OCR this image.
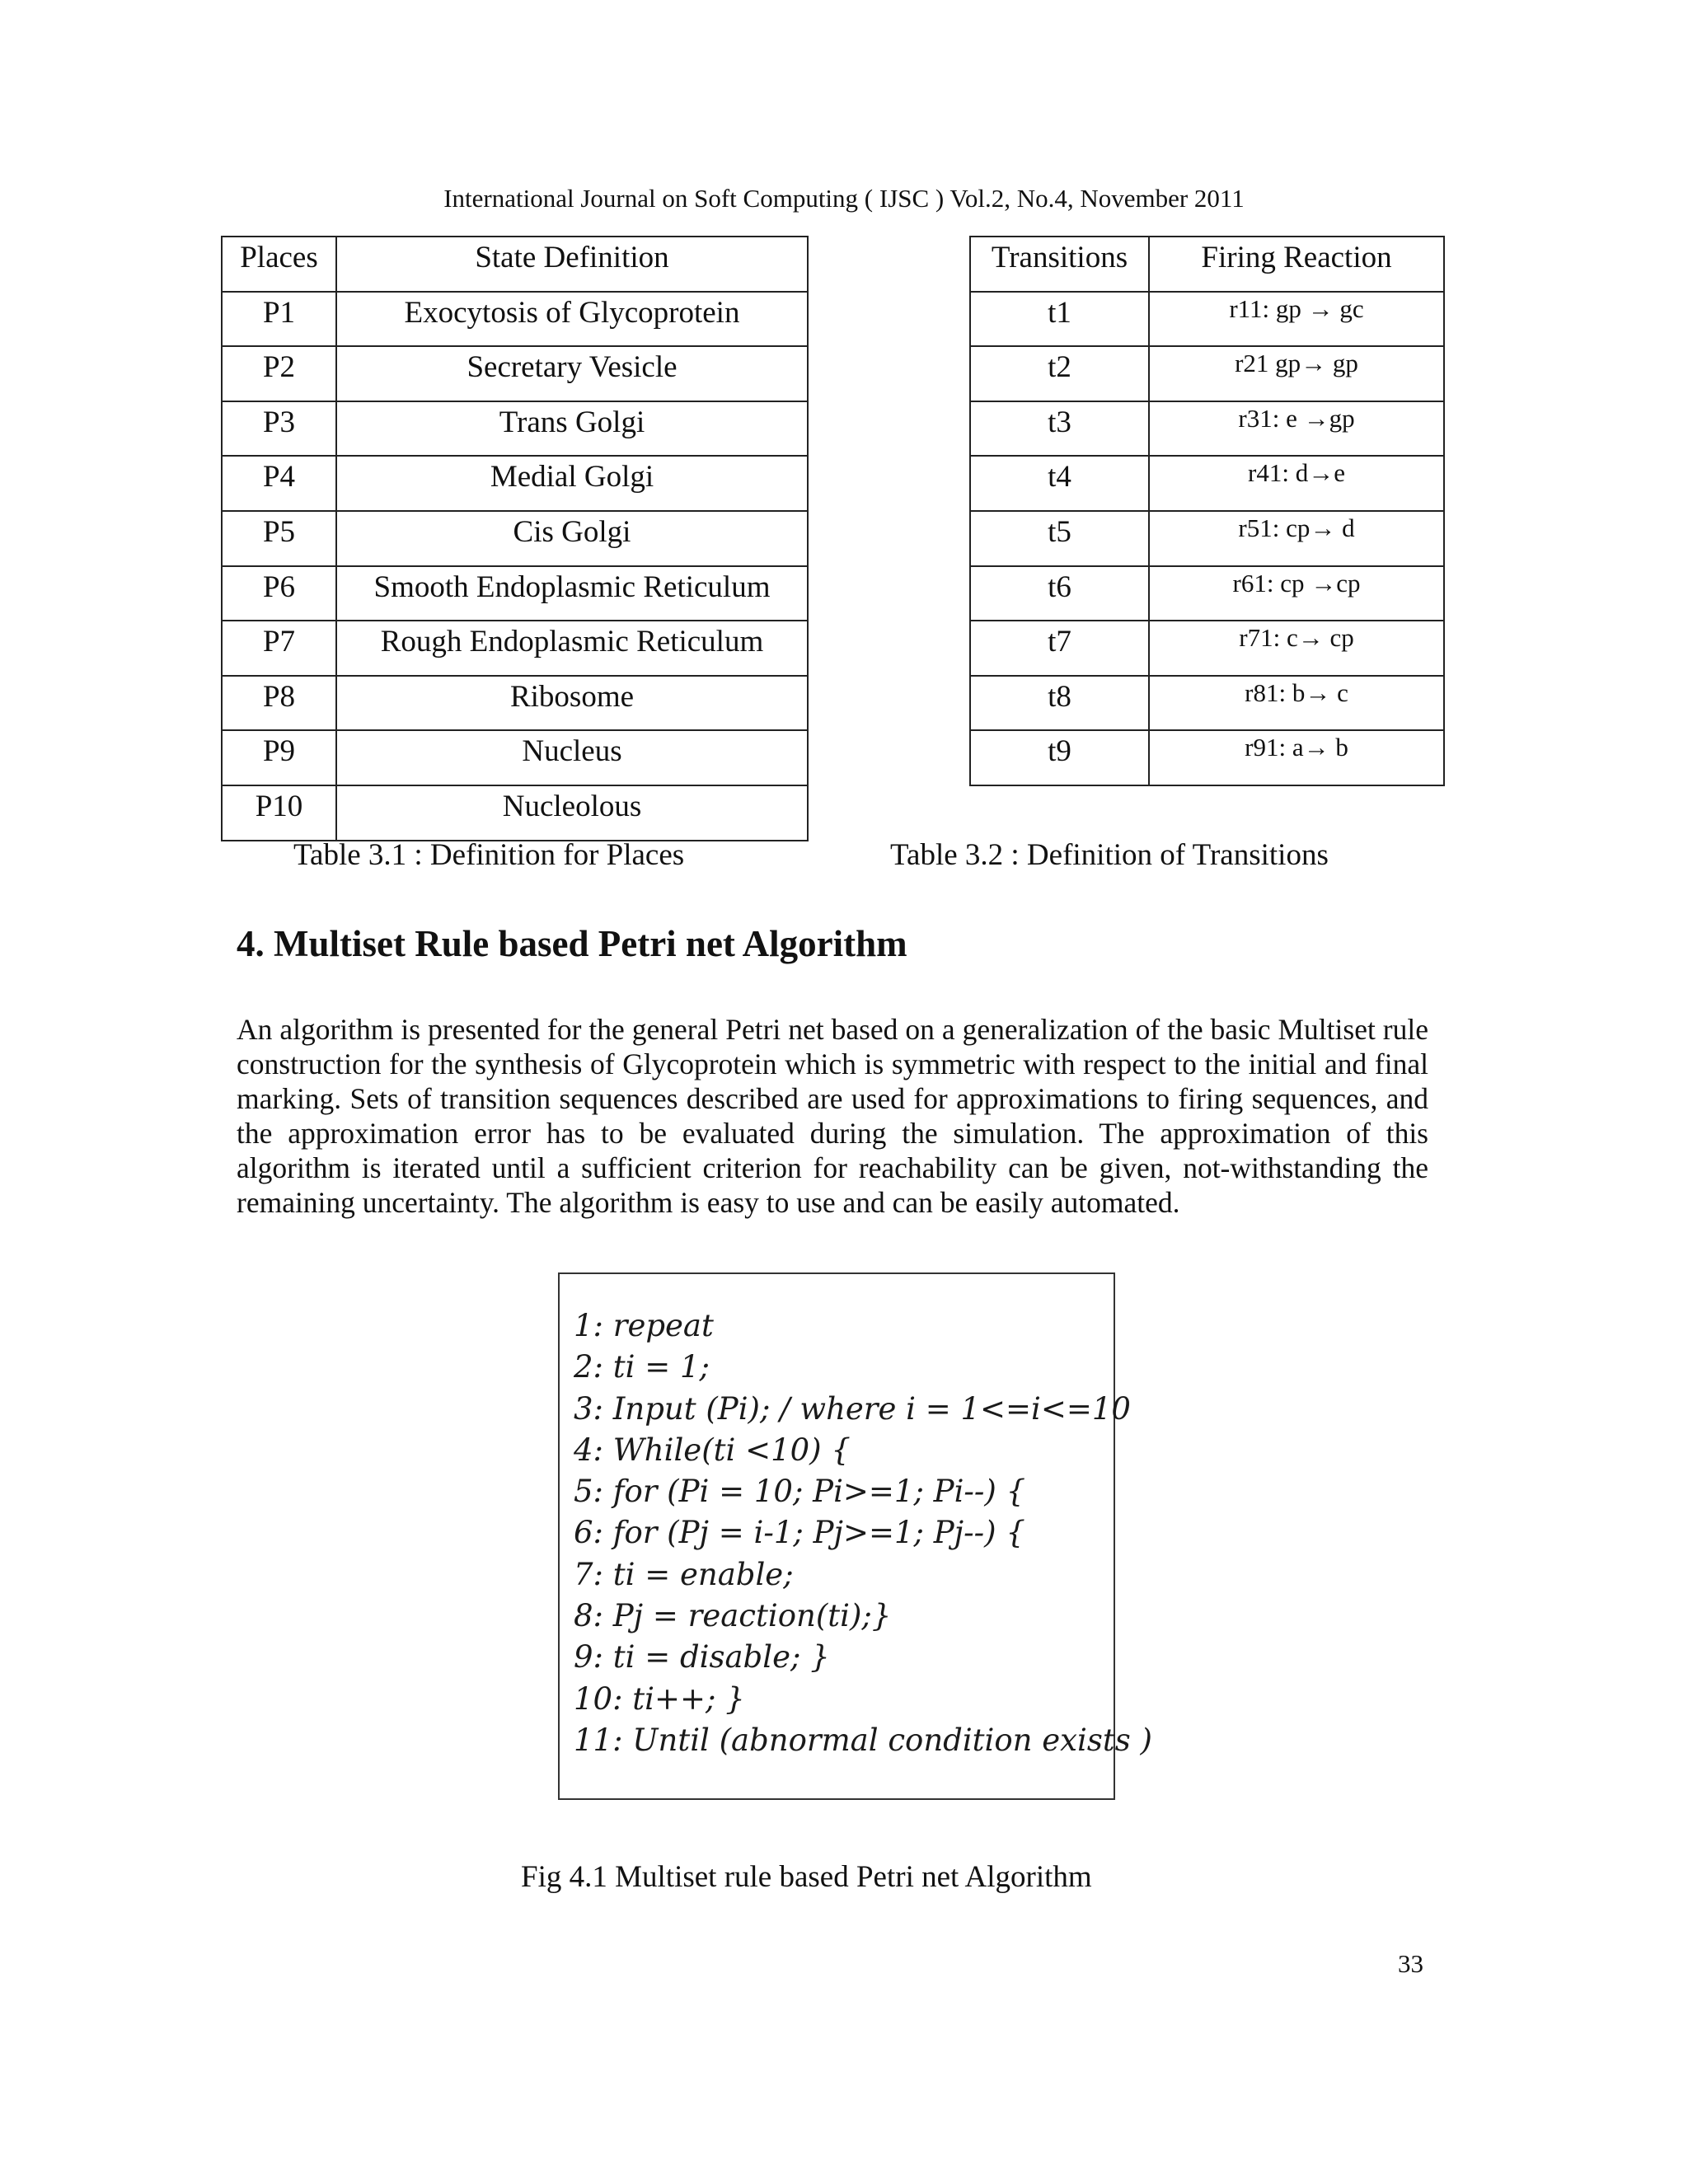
International Journal on Soft Computing ( IJSC ) Vol.2, No.4, November 2011
Places	State Definition
P1	Exocytosis of Glycoprotein
P2	Secretary Vesicle
P3	Trans Golgi
P4	Medial Golgi
P5	Cis Golgi
P6	Smooth Endoplasmic Reticulum
P7	Rough Endoplasmic Reticulum
P8	Ribosome
P9	Nucleus
P10	Nucleolous
Transitions	Firing Reaction
t1	r11: gp → gc
t2	r21 gp→ gp
t3	r31: e →gp
t4	r41: d→e
t5	r51: cp→ d
t6	r61: cp →cp
t7	r71: c→ cp
t8	r81: b→ c
t9	r91: a→ b
Table 3.1 : Definition for Places	Table 3.2 : Definition of Transitions
4. Multiset Rule based Petri net Algorithm
An algorithm is presented for the general Petri net based on a generalization of the basic Multiset rule construction for the synthesis of Glycoprotein which is symmetric with respect to the initial and final marking. Sets of transition sequences described are used for approximations to firing sequences, and the approximation error has to be evaluated during the simulation. The approximation of this algorithm is iterated until a sufficient criterion for reachability can be given, not-withstanding the remaining uncertainty. The algorithm is easy to use and can be easily automated.
1: repeat
2: ti = 1;
3: Input (Pi); / where i = 1<=i<=10
4: While(ti <10) {
5: for (Pi = 10; Pi>=1; Pi--) {
6: for (Pj = i-1; Pj>=1; Pj--) {
7: ti = enable;
8: Pj = reaction(ti);}
9: ti = disable; }
10: ti++; }
11: Until (abnormal condition exists )
Fig 4.1 Multiset rule based Petri net Algorithm
33
